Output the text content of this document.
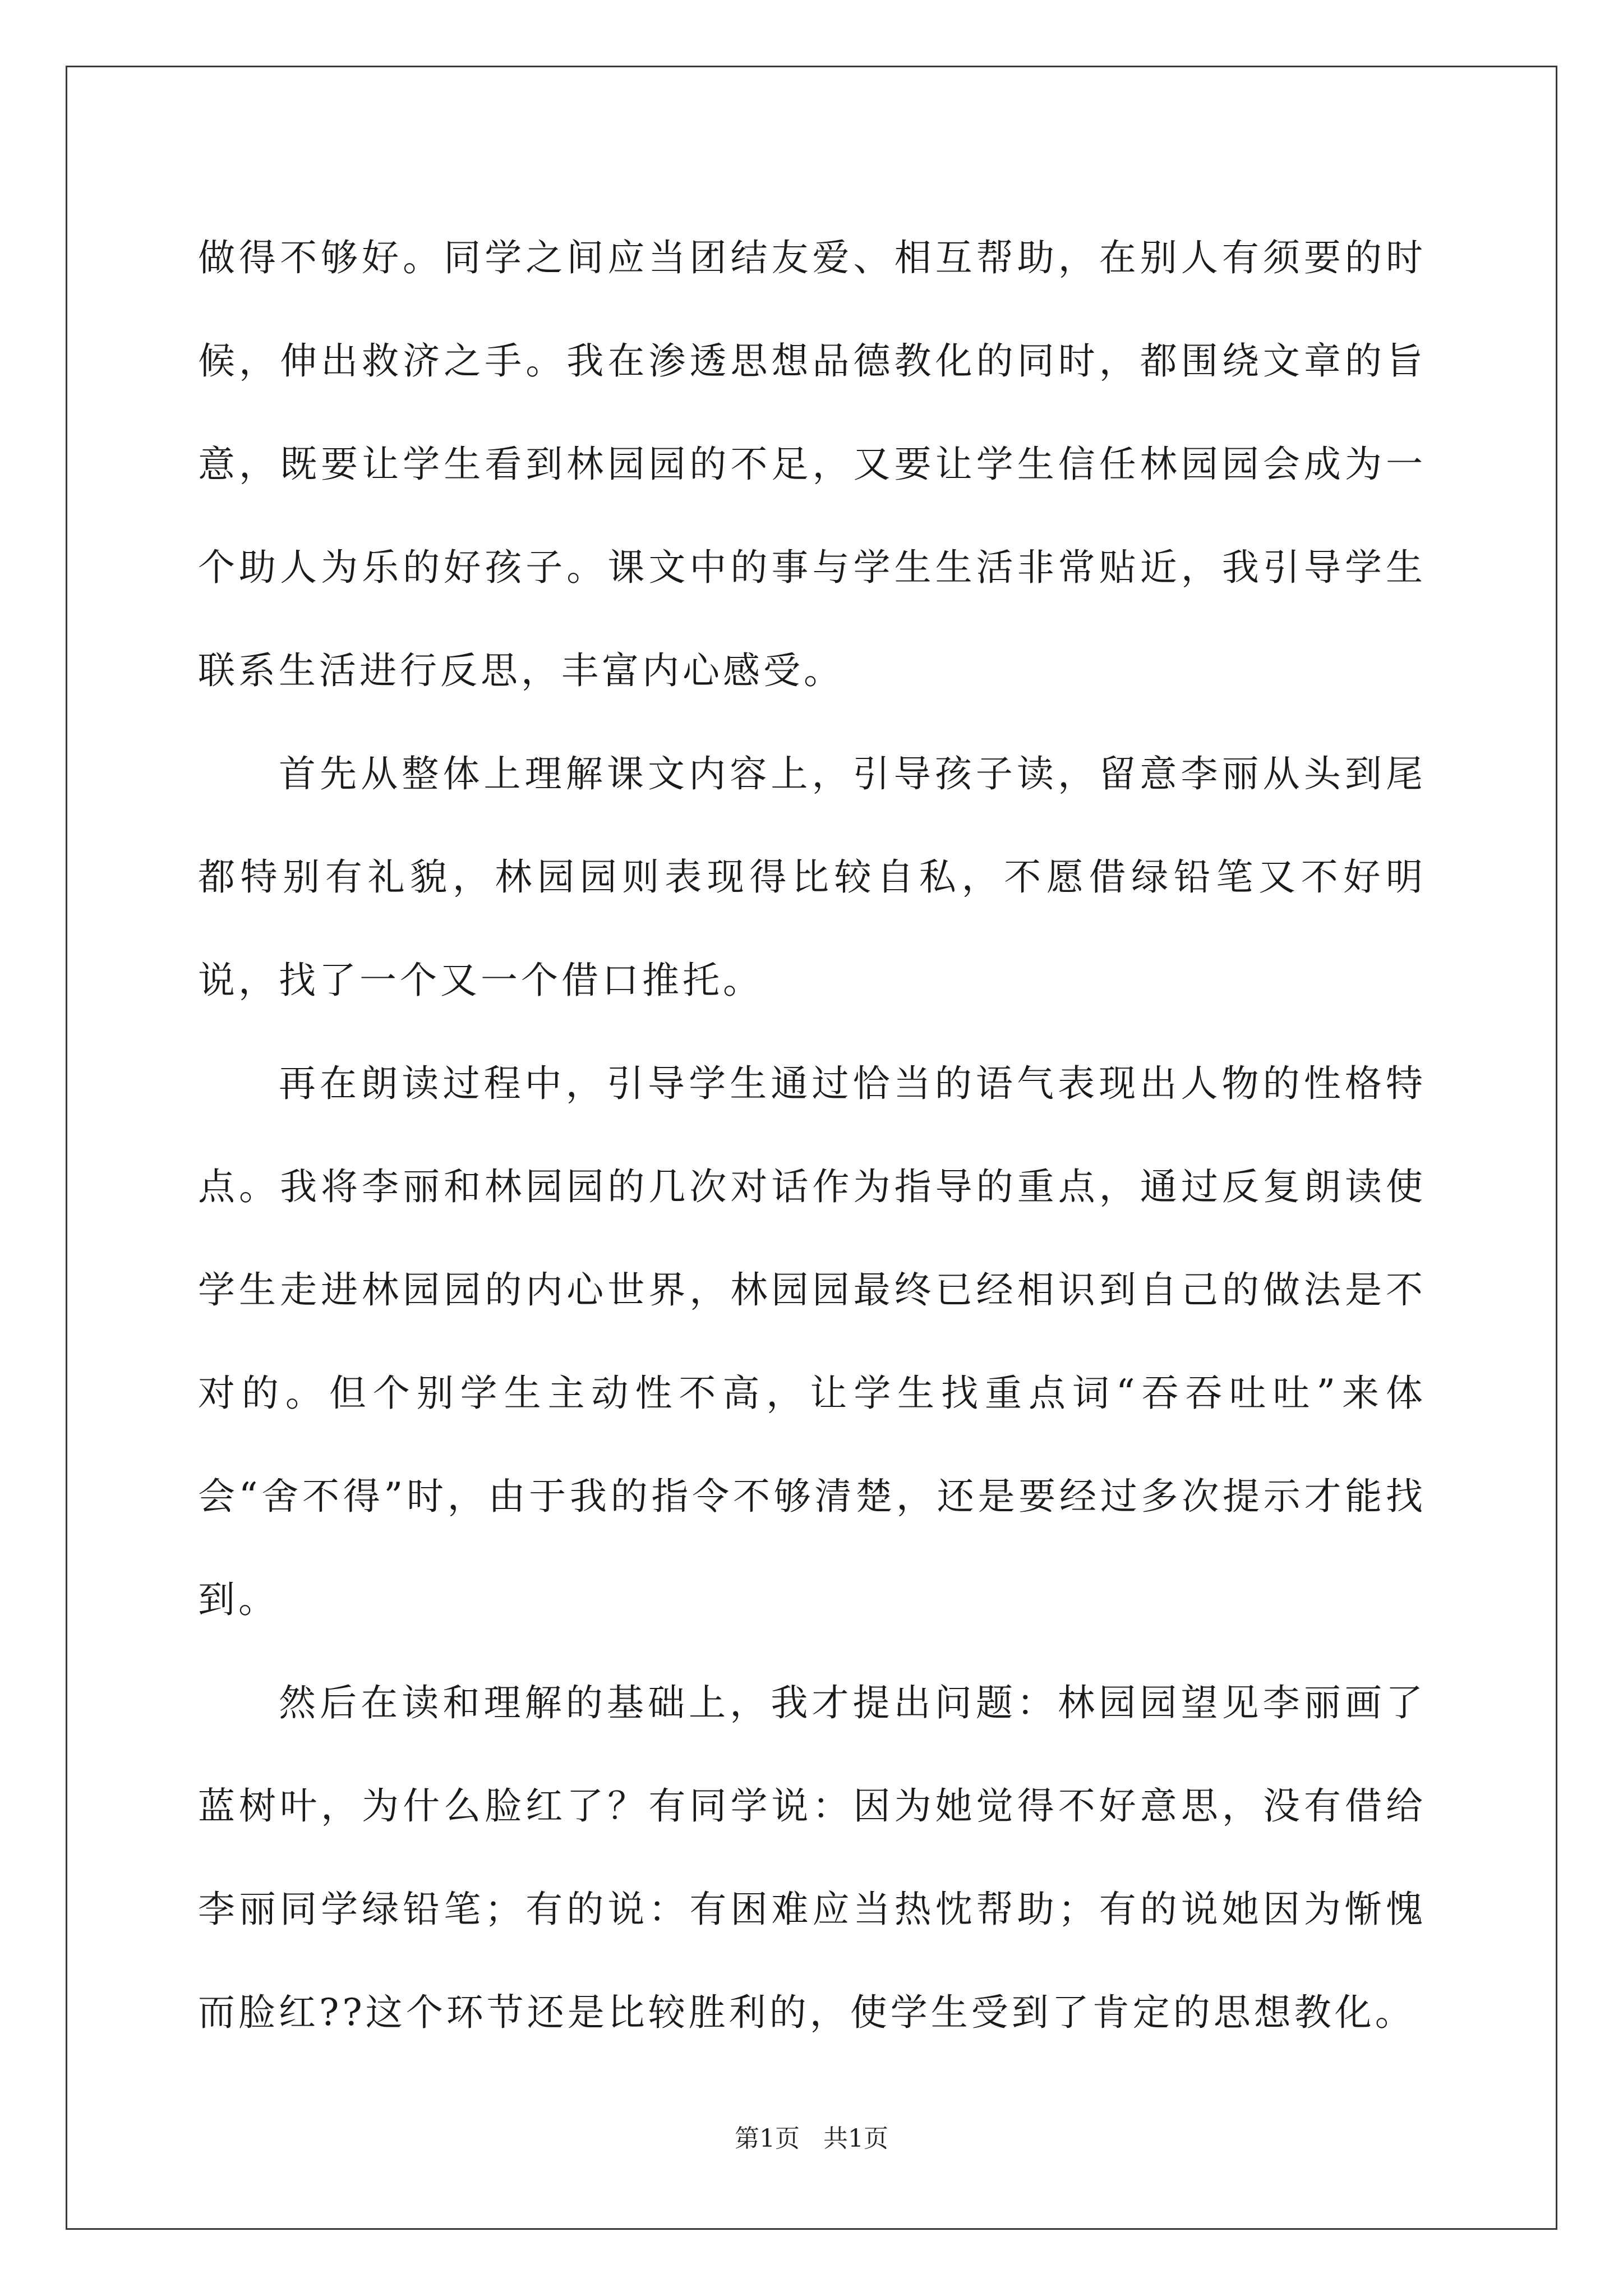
做得不够好。同学之间应当团结友爱、相互帮助，在别人有须要的时候，伸出救济之手。我在渗透思想品德教化的同时，都围绕文章的旨意，既要让学生看到林园园的不足，又要让学生信任林园园会成为一个助人为乐的好孩子。课文中的事与学生生活非常贴近，我引导学生联系生活进行反思，丰富内心感受。

首先从整体上理解课文内容上，引导孩子读，留意李丽从头到尾都特别有礼貌，林园园则表现得比较自私，不愿借绿铅笔又不好明说，找了一个又一个借口推托。

再在朗读过程中，引导学生通过恰当的语气表现出人物的性格特点。我将李丽和林园园的几次对话作为指导的重点，通过反复朗读使学生走进林园园的内心世界，林园园最终已经相识到自己的做法是不对的。但个别学生主动性不高，让学生找重点词“吞吞吐吐”来体会“舍不得”时，由于我的指令不够清楚，还是要经过多次提示才能找到。

然后在读和理解的基础上，我才提出问题：林园园望见李丽画了蓝树叶，为什么脸红了？有同学说：因为她觉得不好意思，没有借给李丽同学绿铅笔；有的说：有困难应当热忱帮助；有的说她因为惭愧而脸红??这个环节还是比较胜利的，使学生受到了肯定的思想教化。

第1页 共1页
